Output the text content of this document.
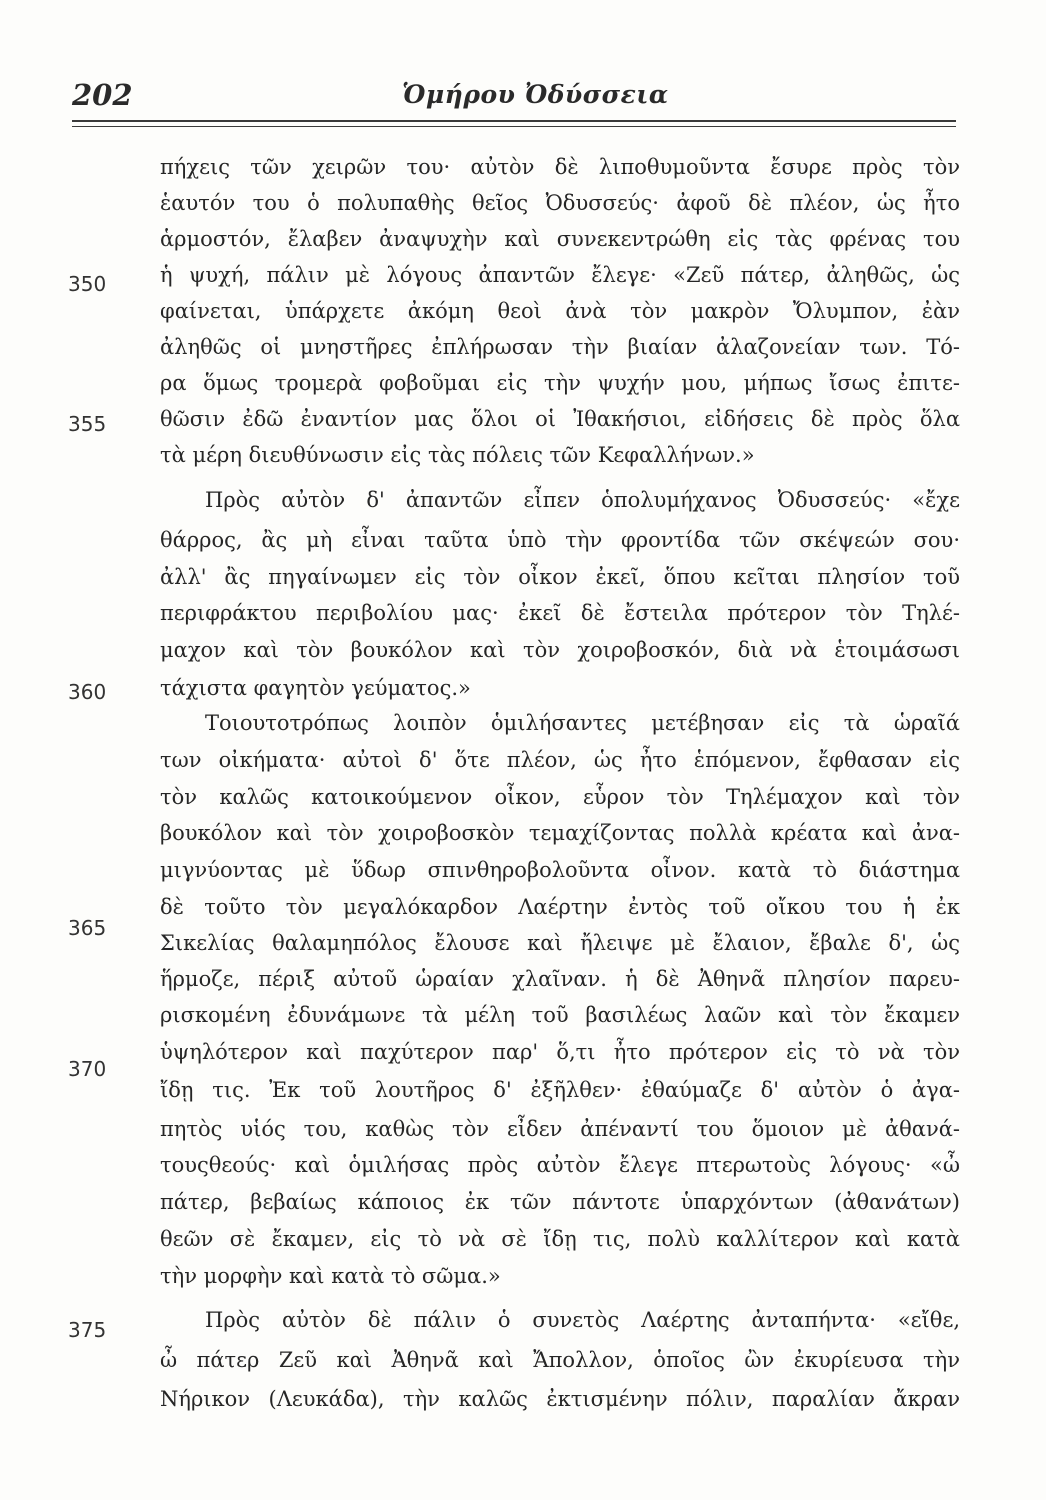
202	Ὁμήρου Ὀδύσσεια
350
355
360
365
370
375
πήχεις τῶν χειρῶν του· αὐτὸν δὲ λιποθυμοῦντα ἔσυρε πρὸς τὸν
ἑαυτόν του ὁ πολυπαθὴς θεῖος Ὀδυσσεύς· ἀφοῦ δὲ πλέον, ὡς ἦτο
ἁρμοστόν, ἔλαβεν ἀναψυχὴν καὶ συνεκεντρώθη εἰς τὰς φρένας του
ἡ ψυχή, πάλιν μὲ λόγους ἀπαντῶν ἔλεγε· «Ζεῦ πάτερ, ἀληθῶς, ὡς
φαίνεται, ὑπάρχετε ἀκόμη θεοὶ ἀνὰ τὸν μακρὸν Ὄλυμπον, ἐὰν
ἀληθῶς οἱ μνηστῆρες ἐπλήρωσαν τὴν βιαίαν ἀλαζονείαν των. Τό-
ρα ὅμως τρομερὰ φοβοῦμαι εἰς τὴν ψυχήν μου, μήπως ἴσως ἐπιτε-
θῶσιν ἐδῶ ἐναντίον μας ὅλοι οἱ Ἰθακήσιοι, εἰδήσεις δὲ πρὸς ὅλα
τὰ μέρη διευθύνωσιν εἰς τὰς πόλεις τῶν Κεφαλλήνων.»
Πρὸς αὐτὸν δ' ἀπαντῶν εἶπεν ὁπολυμήχανος Ὀδυσσεύς· «ἔχε
θάρρος, ἂς μὴ εἶναι ταῦτα ὑπὸ τὴν φροντίδα τῶν σκέψεών σου·
ἀλλ' ἂς πηγαίνωμεν εἰς τὸν οἶκον ἐκεῖ, ὅπου κεῖται πλησίον τοῦ
περιφράκτου περιβολίου μας· ἐκεῖ δὲ ἔστειλα πρότερον τὸν Τηλέ-
μαχον καὶ τὸν βουκόλον καὶ τὸν χοιροβοσκόν, διὰ νὰ ἑτοιμάσωσι
τάχιστα φαγητὸν γεύματος.»
Τοιουτοτρόπως λοιπὸν ὁμιλήσαντες μετέβησαν εἰς τὰ ὡραῖά
των οἰκήματα· αὐτοὶ δ' ὅτε πλέον, ὡς ἦτο ἑπόμενον, ἔφθασαν εἰς
τὸν καλῶς κατοικούμενον οἶκον, εὗρον τὸν Τηλέμαχον καὶ τὸν
βουκόλον καὶ τὸν χοιροβοσκὸν τεμαχίζοντας πολλὰ κρέατα καὶ ἀνα-
μιγνύοντας μὲ ὕδωρ σπινθηροβολοῦντα οἶνον. κατὰ τὸ διάστημα
δὲ τοῦτο τὸν μεγαλόκαρδον Λαέρτην ἐντὸς τοῦ οἴκου του ἡ ἐκ
Σικελίας θαλαμηπόλος ἔλουσε καὶ ἤλειψε μὲ ἔλαιον, ἔβαλε δ', ὡς
ἥρμοζε, πέριξ αὐτοῦ ὡραίαν χλαῖναν. ἡ δὲ Ἀθηνᾶ πλησίον παρευ-
ρισκομένη ἐδυνάμωνε τὰ μέλη τοῦ βασιλέως λαῶν καὶ τὸν ἔκαμεν
ὑψηλότερον καὶ παχύτερον παρ' ὅ,τι ἦτο πρότερον εἰς τὸ νὰ τὸν
ἴδῃ τις. Ἐκ τοῦ λουτῆρος δ' ἐξῆλθεν· ἐθαύμαζε δ' αὐτὸν ὁ ἀγα-
πητὸς υἱός του, καθὼς τὸν εἶδεν ἀπέναντί του ὅμοιον μὲ ἀθανά-
τουςθεούς· καὶ ὁμιλήσας πρὸς αὐτὸν ἔλεγε πτερωτοὺς λόγους· «ὦ
πάτερ, βεβαίως κάποιος ἐκ τῶν πάντοτε ὑπαρχόντων (ἀθανάτων)
θεῶν σὲ ἔκαμεν, εἰς τὸ νὰ σὲ ἴδῃ τις, πολὺ καλλίτερον καὶ κατὰ
τὴν μορφὴν καὶ κατὰ τὸ σῶμα.»
Πρὸς αὐτὸν δὲ πάλιν ὁ συνετὸς Λαέρτης ἀνταπήντα· «εἴθε,
ὦ πάτερ Ζεῦ καὶ Ἀθηνᾶ καὶ Ἄπολλον, ὁποῖος ὢν ἐκυρίευσα τὴν
Νήρικον (Λευκάδα), τὴν καλῶς ἐκτισμένην πόλιν, παραλίαν ἄκραν
